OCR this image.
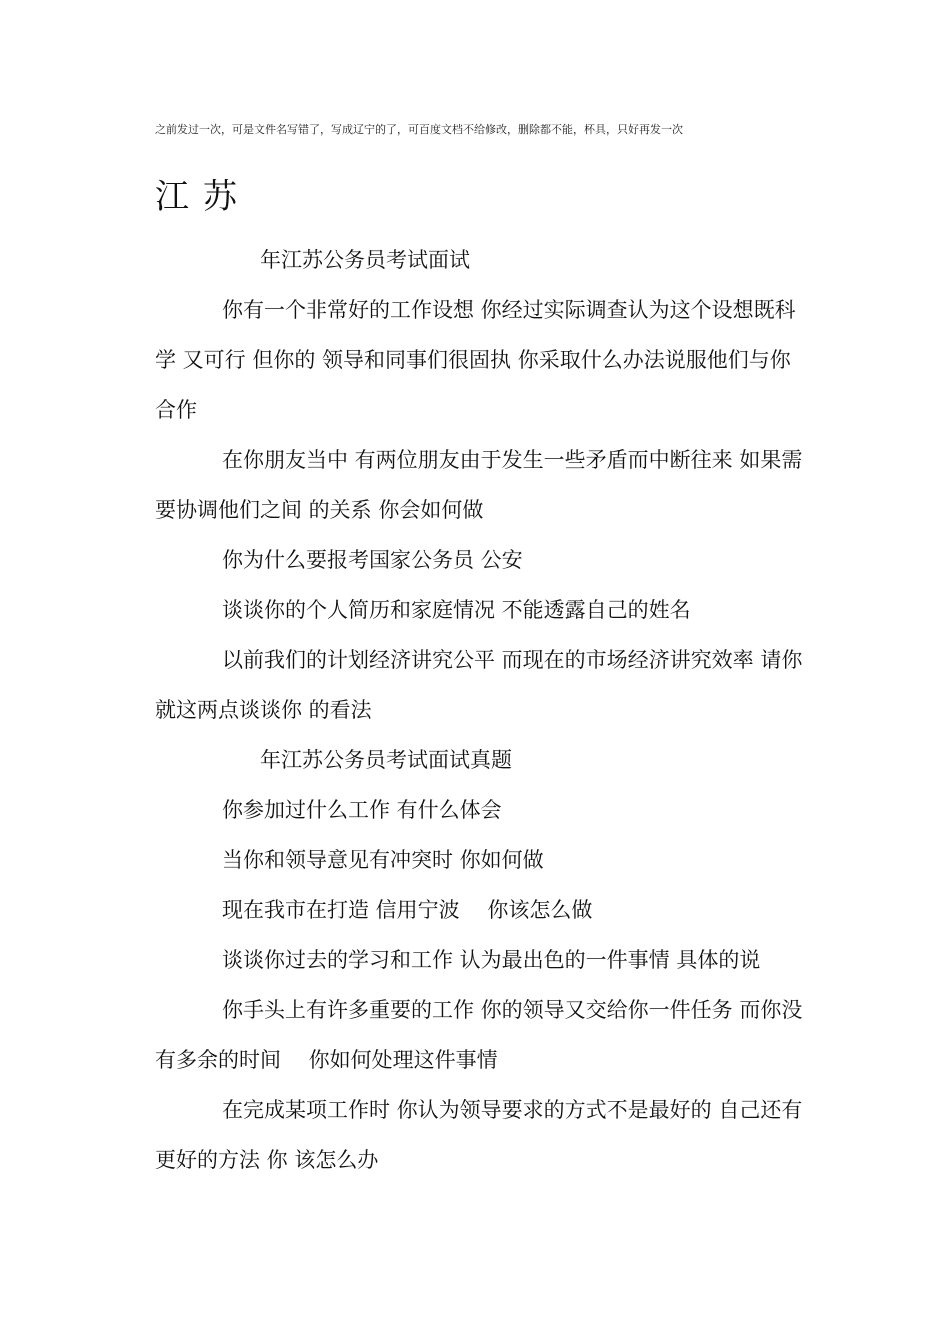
之前发过一次，可是文件名写错了，写成辽宁的了，可百度文档不给修改，删除都不能，杯具，只好再发一次
江苏

年江苏公务员考试面试

你有一个非常好的工作设想 你经过实际调查认为这个设想既科学 又可行 但你的 领导和同事们很固执 你采取什么办法说服他们与你合作

在你朋友当中 有两位朋友由于发生一些矛盾而中断往来 如果需要协调他们之间 的关系 你会如何做

你为什么要报考国家公务员 公安

谈谈你的个人简历和家庭情况 不能透露自己的姓名

以前我们的计划经济讲究公平 而现在的市场经济讲究效率 请你就这两点谈谈你 的看法

年江苏公务员考试面试真题

你参加过什么工作 有什么体会

当你和领导意见有冲突时 你如何做

现在我市在打造 信用宁波 　你该怎么做

谈谈你过去的学习和工作 认为最出色的一件事情 具体的说

你手头上有许多重要的工作 你的领导又交给你一件任务 而你没有多余的时间 　你如何处理这件事情

在完成某项工作时 你认为领导要求的方式不是最好的 自己还有更好的方法 你 该怎么办
